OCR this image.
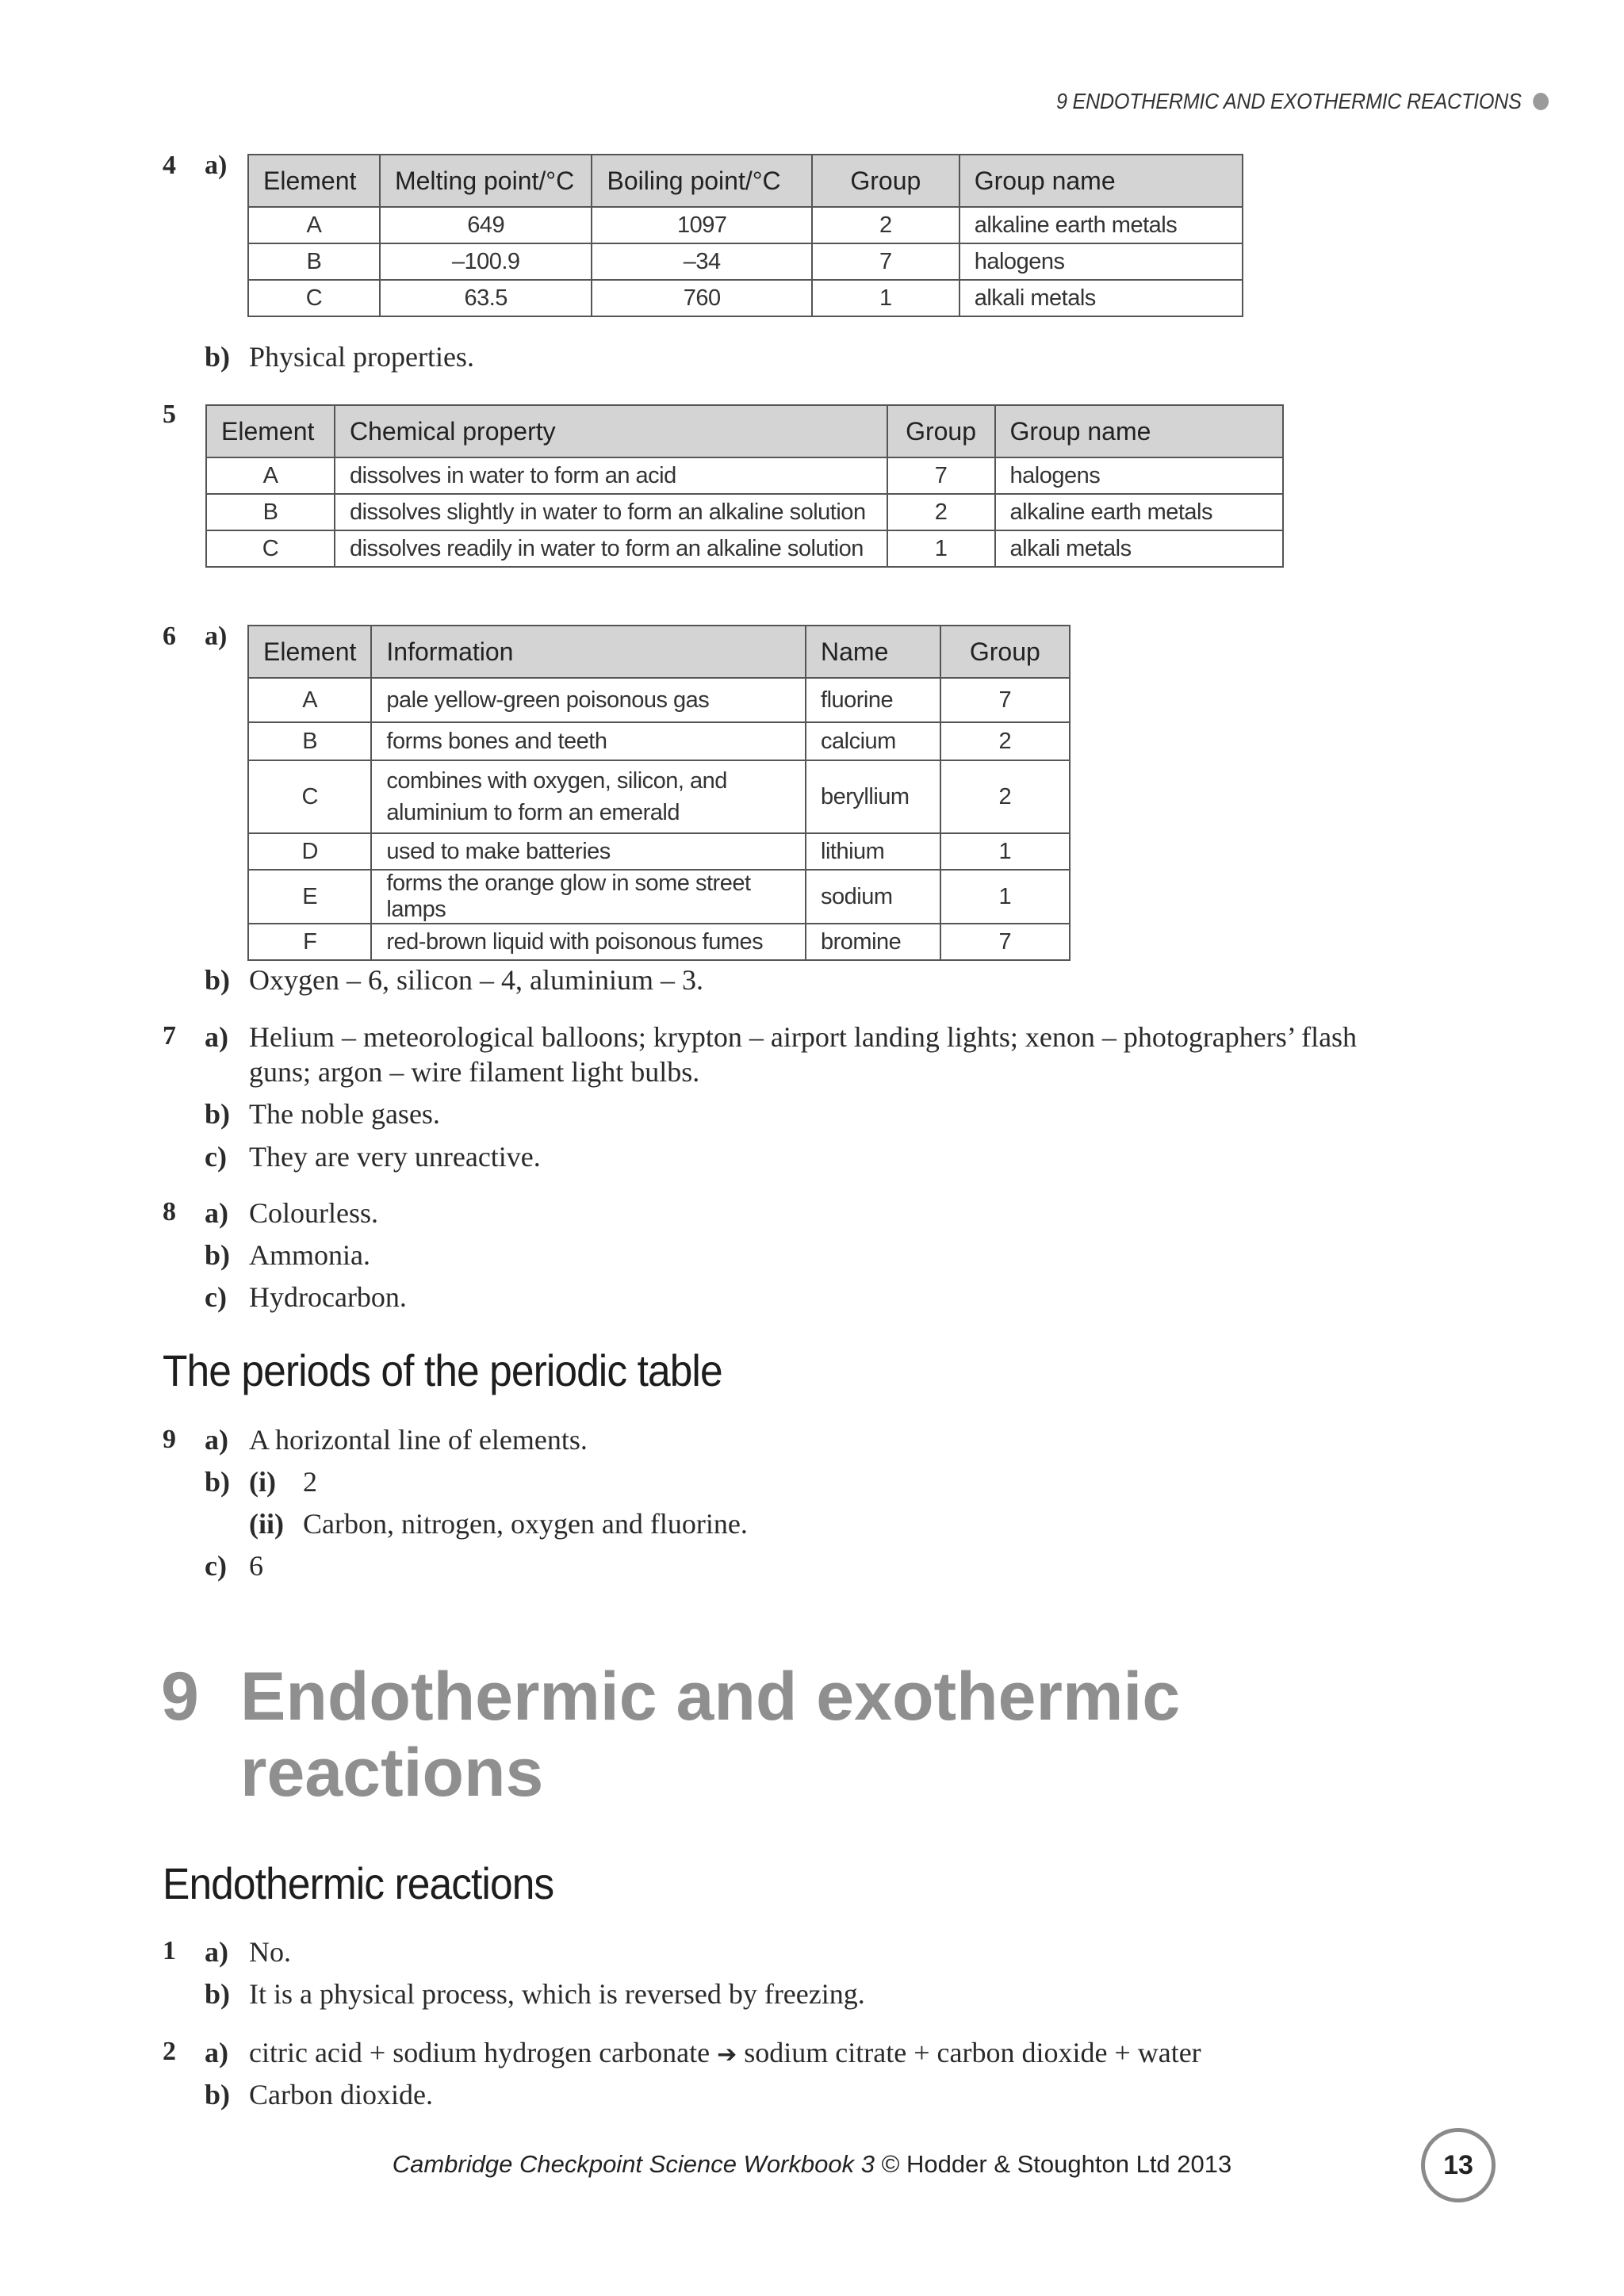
9 ENDOTHERMIC AND EXOTHERMIC REACTIONS
4 a)
Element	Melting point/°C	Boiling point/°C	Group	Group name
A	649	1097	2	alkaline earth metals
B	–100.9	–34	7	halogens
C	63.5	760	1	alkali metals
b) Physical properties.
5
Element	Chemical property	Group	Group name
A	dissolves in water to form an acid	7	halogens
B	dissolves slightly in water to form an alkaline solution	2	alkaline earth metals
C	dissolves readily in water to form an alkaline solution	1	alkali metals
6 a)
Element	Information	Name	Group
A	pale yellow-green poisonous gas	fluorine	7
B	forms bones and teeth	calcium	2
C	combines with oxygen, silicon, and
aluminium to form an emerald	beryllium	2
D	used to make batteries	lithium	1
E	forms the orange glow in some street lamps	sodium	1
F	red-brown liquid with poisonous fumes	bromine	7
b) Oxygen – 6, silicon – 4, aluminium – 3.
7 a) Helium – meteorological balloons; krypton – airport landing lights; xenon – photographers’ flash
guns; argon – wire filament light bulbs.
b) The noble gases.
c) They are very unreactive.
8 a) Colourless.
b) Ammonia.
c) Hydrocarbon.
The periods of the periodic table
9 a) A horizontal line of elements.
b) (i) 2
(ii) Carbon, nitrogen, oxygen and fluorine.
c) 6
9 Endothermic and exothermic
reactions
Endothermic reactions
1 a) No.
b) It is a physical process, which is reversed by freezing.
2 a) citric acid + sodium hydrogen carbonate ➔ sodium citrate + carbon dioxide + water
b) Carbon dioxide.
Cambridge Checkpoint Science Workbook 3 © Hodder & Stoughton Ltd 2013	13
